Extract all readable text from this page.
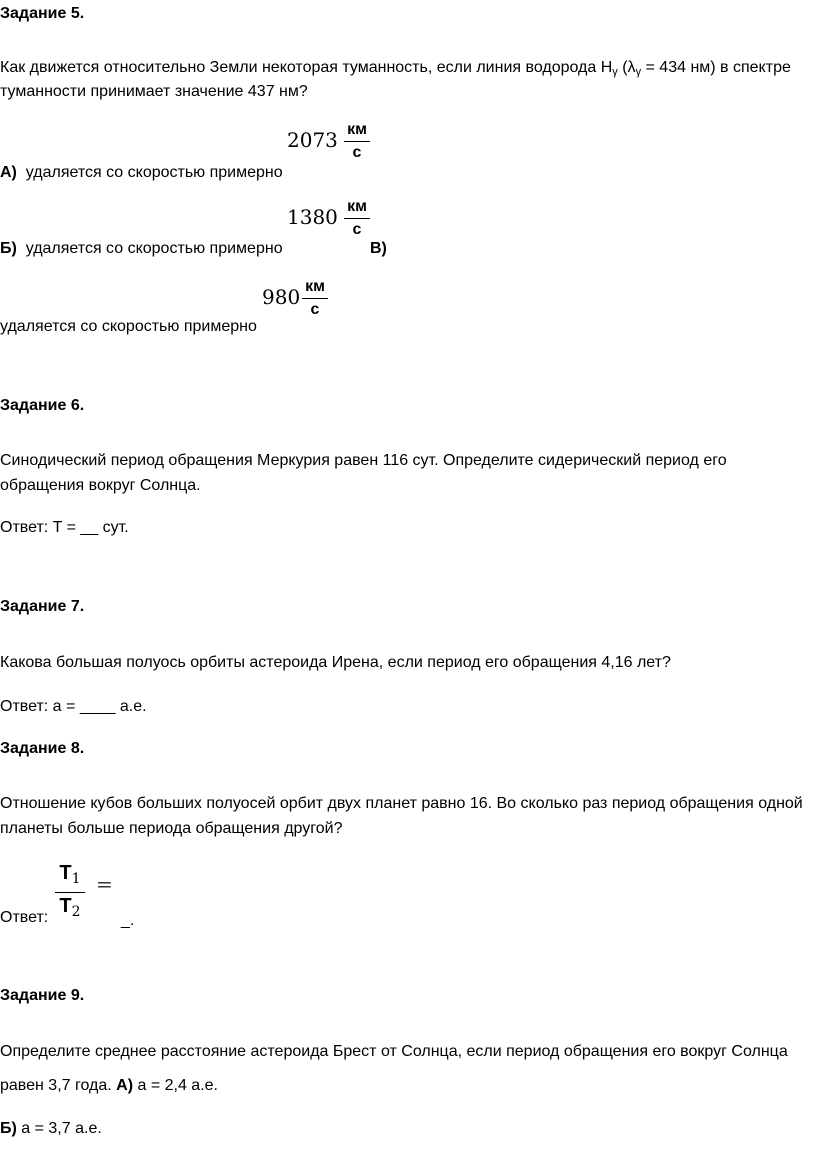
Задание 5.
Как движется относительно Земли некоторая туманность, если линия водорода $H_\gamma$ ($\lambda_\gamma = 434$ нм) в спектре
туманности принимает значение 437 нм?
2073 км
с
А) удаляется со скоростью примерно
1380 км
с
Б) удаляется со скоростью примерно	В)
980 км
с
удаляется со скоростью примерно
Задание 6.
Синодический период обращения Меркурия равен 116 сут. Определите сидерический период его
обращения вокруг Солнца.
Ответ: T = __ сут.
Задание 7.
Какова большая полуось орбиты астероида Ирена, если период его обращения 4,16 лет?
Ответ: a = ____ а.е.
Задание 8.
Отношение кубов больших полуосей орбит двух планет равно 16. Во сколько раз период обращения одной
планеты больше периода обращения другой?
$T_1$
$T_2$
=
Ответ:	_.
Задание 9.
Определите среднее расстояние астероида Брест от Солнца, если период обращения его вокруг Солнца
равен 3,7 года. А) a = 2,4 а.е.
Б) a = 3,7 а.е.
